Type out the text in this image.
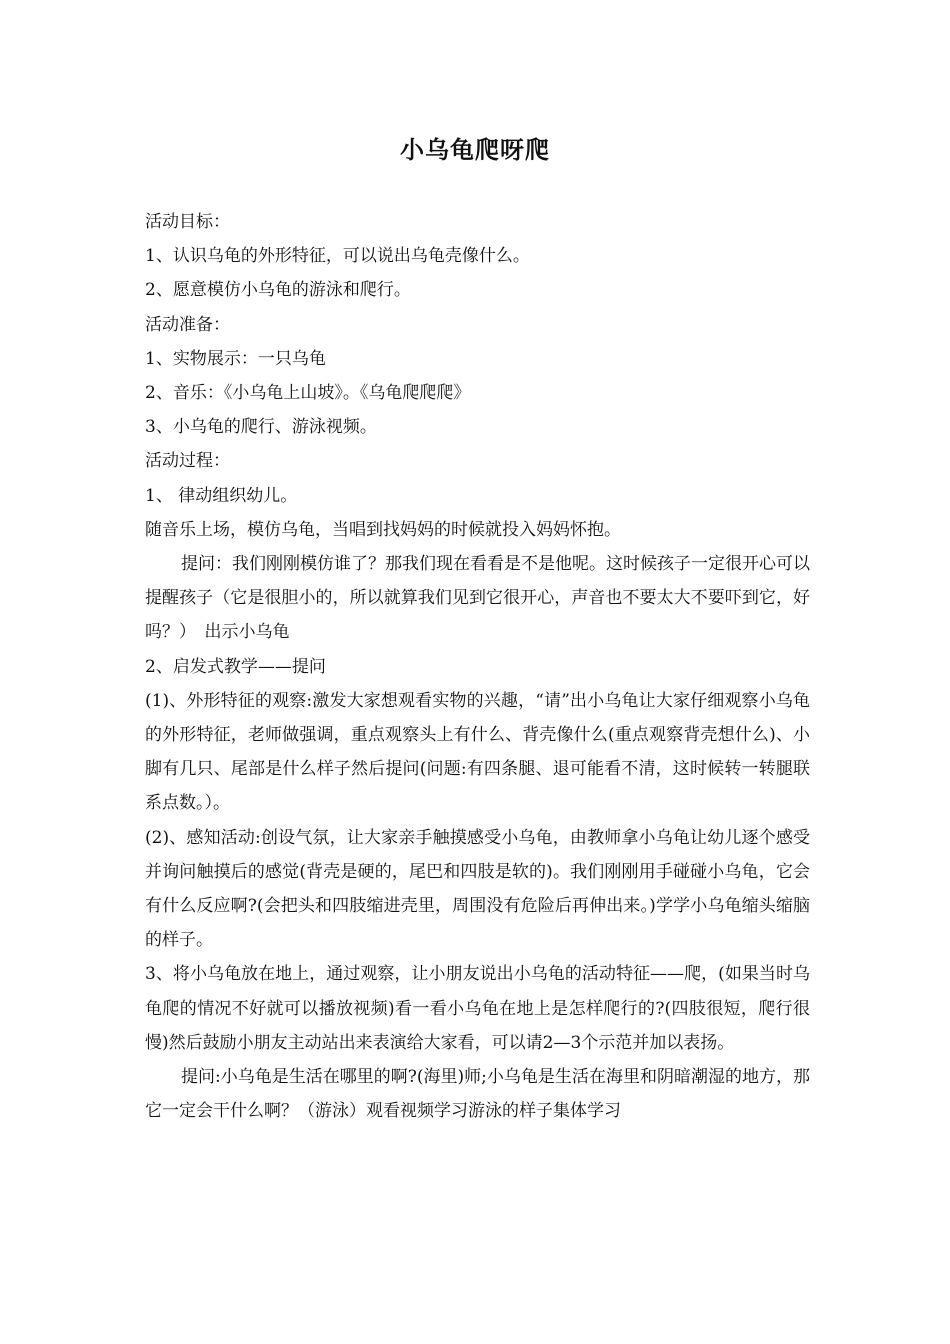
小乌龟爬呀爬

活动目标：

1、认识乌龟的外形特征，可以说出乌龟壳像什么。

2、愿意模仿小乌龟的游泳和爬行。

活动准备：

1、实物展示：一只乌龟

2、音乐：《小乌龟上山坡》。《乌龟爬爬爬》

3、小乌龟的爬行、游泳视频。

活动过程：

1、 律动组织幼儿。

随音乐上场，模仿乌龟，当唱到找妈妈的时候就投入妈妈怀抱。

提问：我们刚刚模仿谁了？那我们现在看看是不是他呢。这时候孩子一定很开心可以提醒孩子（它是很胆小的，所以就算我们见到它很开心，声音也不要太大不要吓到它，好吗？）　出示小乌龟

2、启发式教学——提问

(1)、外形特征的观察:激发大家想观看实物的兴趣，“请”出小乌龟让大家仔细观察小乌龟的外形特征，老师做强调，重点观察头上有什么、背壳像什么(重点观察背壳想什么)、小脚有几只、尾部是什么样子然后提问(问题:有四条腿、退可能看不清，这时候转一转腿联系点数。）。

(2)、感知活动:创设气氛，让大家亲手触摸感受小乌龟，由教师拿小乌龟让幼儿逐个感受并询问触摸后的感觉(背壳是硬的，尾巴和四肢是软的)。我们刚刚用手碰碰小乌龟，它会有什么反应啊?(会把头和四肢缩进壳里，周围没有危险后再伸出来。)学学小乌龟缩头缩脑的样子。

3、将小乌龟放在地上，通过观察，让小朋友说出小乌龟的活动特征——爬，(如果当时乌龟爬的情况不好就可以播放视频)看一看小乌龟在地上是怎样爬行的?(四肢很短，爬行很慢)然后鼓励小朋友主动站出来表演给大家看，可以请2—3个示范并加以表扬。

提问:小乌龟是生活在哪里的啊?(海里)师;小乌龟是生活在海里和阴暗潮湿的地方，那它一定会干什么啊？（游泳）观看视频学习游泳的样子集体学习
